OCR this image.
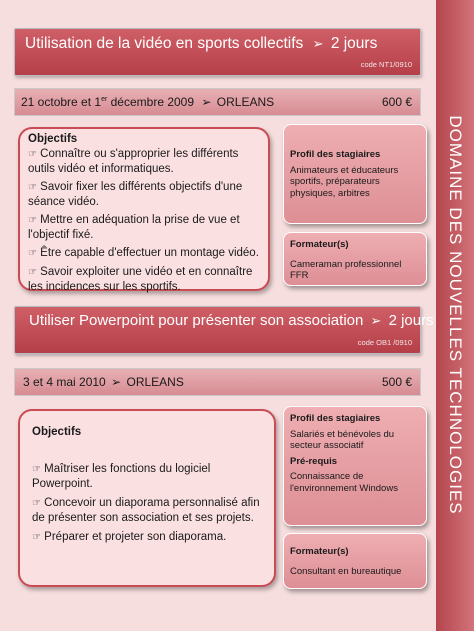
DOMAINE DES NOUVELLES TECHNOLOGIES
Utilisation de la vidéo en sports collectifs ➢ 2 jours
code NT1/0910
21 octobre et 1er décembre 2009 ➢ ORLEANS	600 €
Objectifs
☞ Connaître ou s'approprier les différents outils vidéo et informatiques.
☞ Savoir fixer les différents objectifs d'une séance vidéo.
☞ Mettre en adéquation la prise de vue et l'objectif fixé.
☞ Être capable d'effectuer un montage vidéo.
☞ Savoir exploiter une vidéo et en connaître les incidences sur les sportifs.
Profil des stagiaires
Animateurs et éducateurs sportifs, préparateurs physiques, arbitres
Formateur(s)
Cameraman professionnel FFR
Utiliser Powerpoint pour présenter son association ➢ 2 jours
code OB1 /0910
3 et 4 mai 2010 ➢ ORLEANS	500 €
Objectifs
☞ Maîtriser les fonctions du logiciel Powerpoint.
☞ Concevoir un diaporama personnalisé afin de présenter son association et ses projets.
☞ Préparer et projeter son diaporama.
Profil des stagiaires
Salariés et bénévoles du secteur associatif
Pré-requis
Connaissance de l'environnement Windows
Formateur(s)
Consultant en bureautique
